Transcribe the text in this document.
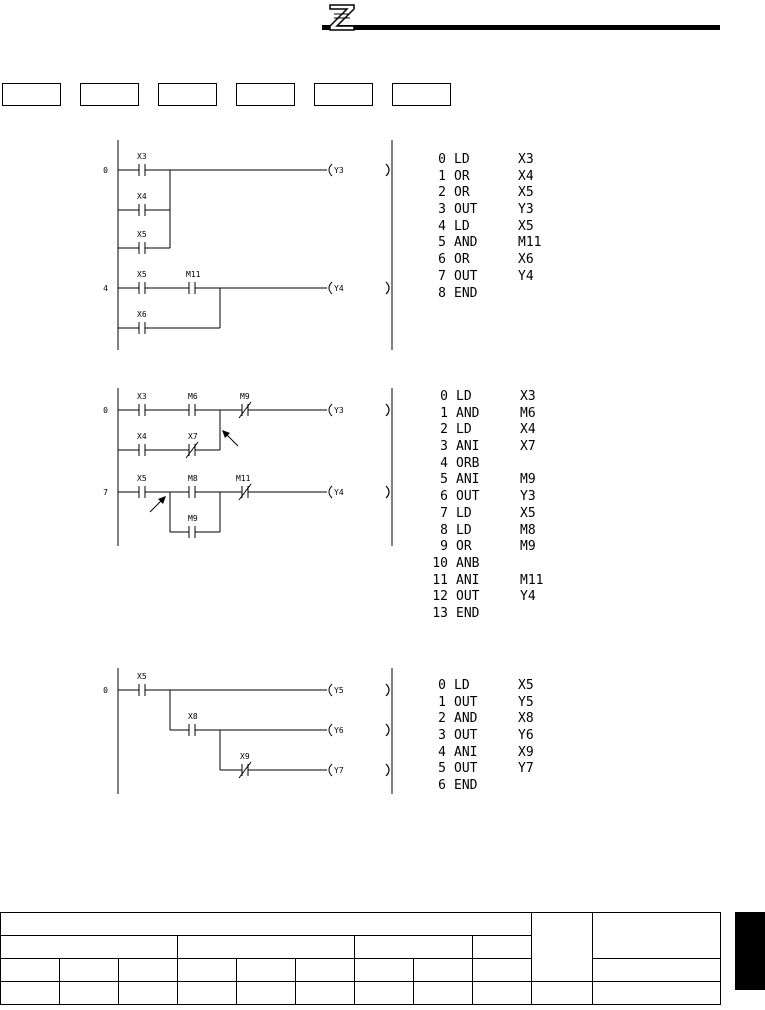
0
X3
X4
X5
Y3
4
X5	M11
X6
Y4
0
X3	M6	M9
X4	X7
Y3
7
X5	M8	M11
M9
Y4
0
X5
X8
X9
Y5
Y6
Y7
0 LD	X3
1 OR	X4
2 OR	X5
3 OUT	Y3
4 LD	X5
5 AND	M11
6 OR	X6
7 OUT	Y4
8 END
0 LD	X3
1 AND	M6
2 LD	X4
3 ANI	X7
4 ORB
5 ANI	M9
6 OUT	Y3
7 LD	X5
8 LD	M8
9 OR	M9
10 ANB
11 ANI	M11
12 OUT	Y4
13 END
0 LD	X5
1 OUT	Y5
2 AND	X8
3 OUT	Y6
4 ANI	X9
5 OUT	Y7
6 END
